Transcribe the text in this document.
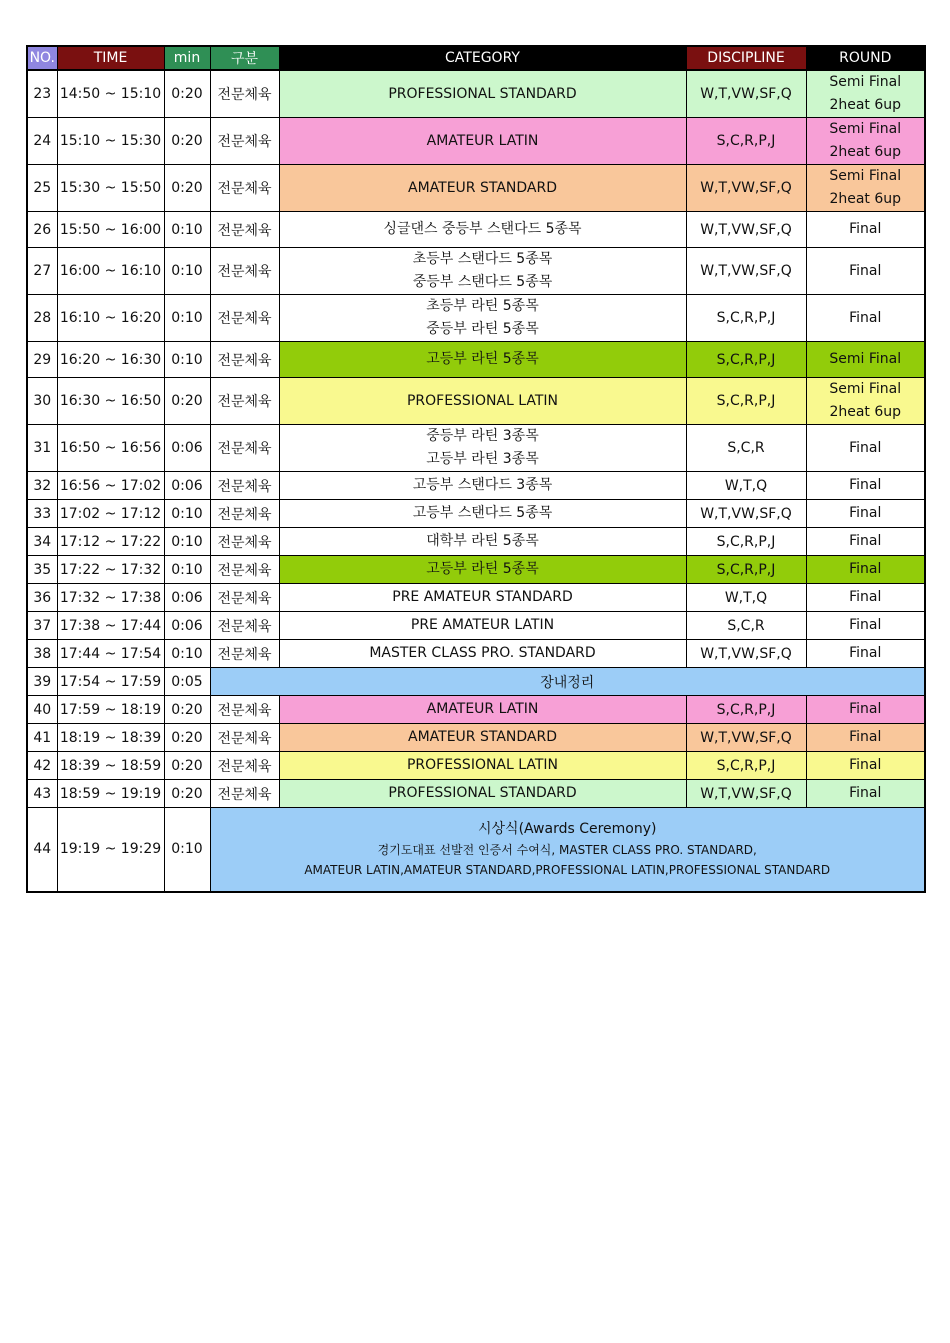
NO.	TIME	min	구분	CATEGORY	DISCIPLINE	ROUND
23	14:50 ~ 15:10	0:20	전문체육	PROFESSIONAL STANDARD	W,T,VW,SF,Q	Semi Final
2heat 6up

24	15:10 ~ 15:30	0:20	전문체육	AMATEUR LATIN	S,C,R,P,J	Semi Final
2heat 6up

25	15:30 ~ 15:50	0:20	전문체육	AMATEUR STANDARD	W,T,VW,SF,Q	Semi Final
2heat 6up

26	15:50 ~ 16:00	0:10	전문체육	싱글댄스 중등부 스탠다드 5종목	W,T,VW,SF,Q	Final

27	16:00 ~ 16:10	0:10	전문체육	초등부 스탠다드 5종목
중등부 스탠다드 5종목	W,T,VW,SF,Q	Final

28	16:10 ~ 16:20	0:10	전문체육	초등부 라틴 5종목
중등부 라틴 5종목	S,C,R,P,J	Final

29	16:20 ~ 16:30	0:10	전문체육	고등부 라틴 5종목	S,C,R,P,J	Semi Final

30	16:30 ~ 16:50	0:20	전문체육	PROFESSIONAL LATIN	S,C,R,P,J	Semi Final
2heat 6up

31	16:50 ~ 16:56	0:06	전문체육	중등부 라틴 3종목
고등부 라틴 3종목	S,C,R	Final

32	16:56 ~ 17:02	0:06	전문체육	고등부 스탠다드 3종목	W,T,Q	Final

33	17:02 ~ 17:12	0:10	전문체육	고등부 스탠다드 5종목	W,T,VW,SF,Q	Final

34	17:12 ~ 17:22	0:10	전문체육	대학부 라틴 5종목	S,C,R,P,J	Final

35	17:22 ~ 17:32	0:10	전문체육	고등부 라틴 5종목	S,C,R,P,J	Final

36	17:32 ~ 17:38	0:06	전문체육	PRE AMATEUR STANDARD	W,T,Q	Final

37	17:38 ~ 17:44	0:06	전문체육	PRE AMATEUR LATIN	S,C,R	Final

38	17:44 ~ 17:54	0:10	전문체육	MASTER CLASS PRO. STANDARD	W,T,VW,SF,Q	Final

39	17:54 ~ 17:59	0:05	장내정리			
40	17:59 ~ 18:19	0:20	전문체육	AMATEUR LATIN	S,C,R,P,J	Final

41	18:19 ~ 18:39	0:20	전문체육	AMATEUR STANDARD	W,T,VW,SF,Q	Final

42	18:39 ~ 18:59	0:20	전문체육	PROFESSIONAL LATIN	S,C,R,P,J	Final

43	18:59 ~ 19:19	0:20	전문체육	PROFESSIONAL STANDARD	W,T,VW,SF,Q	Final

44	19:19 ~ 19:29	0:10	시상식(Awards Ceremony)
경기도대표 선발전 인증서 수여식, MASTER CLASS PRO. STANDARD,
AMATEUR LATIN,AMATEUR STANDARD,PROFESSIONAL LATIN,PROFESSIONAL STANDARD			
